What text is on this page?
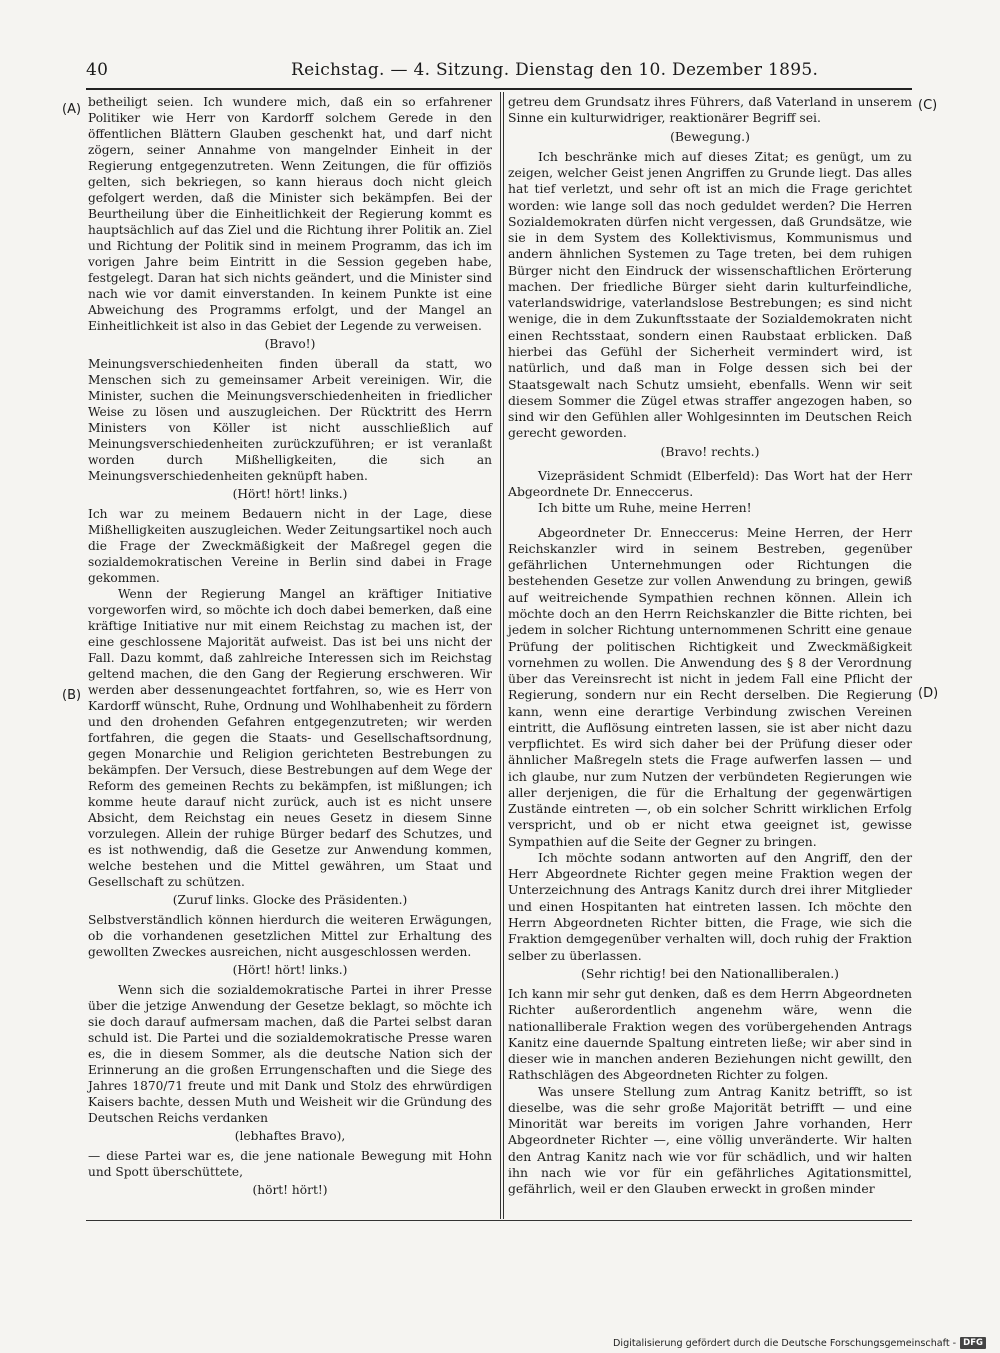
40	Reichstag. — 4. Sitzung. Dienstag den 10. Dezember 1895.
(A)
(B)
(C)
(D)

betheiligt seien. Ich wundere mich, daß ein so erfahrener Politiker wie Herr von Kardorff solchem Gerede in den öffentlichen Blättern Glauben geschenkt hat, und darf nicht zögern, seiner Annahme von mangelnder Einheit in der Regierung entgegenzutreten. Wenn Zeitungen, die für offiziös gelten, sich bekriegen, so kann hieraus doch nicht gleich gefolgert werden, daß die Minister sich bekämpfen. Bei der Beurtheilung über die Einheitlichkeit der Regierung kommt es hauptsächlich auf das Ziel und die Richtung ihrer Politik an. Ziel und Richtung der Politik sind in meinem Programm, das ich im vorigen Jahre beim Eintritt in die Session gegeben habe, festgelegt. Daran hat sich nichts geändert, und die Minister sind nach wie vor damit einverstanden. In keinem Punkte ist eine Abweichung des Programms erfolgt, und der Mangel an Einheitlichkeit ist also in das Gebiet der Legende zu verweisen.

(Bravo!)

Meinungsverschiedenheiten finden überall da statt, wo Menschen sich zu gemeinsamer Arbeit vereinigen. Wir, die Minister, suchen die Meinungsverschiedenheiten in friedlicher Weise zu lösen und auszugleichen. Der Rücktritt des Herrn Ministers von Köller ist nicht ausschließlich auf Meinungsverschiedenheiten zurückzuführen; er ist veranlaßt worden durch Mißhelligkeiten, die sich an Meinungsverschiedenheiten geknüpft haben.

(Hört! hört! links.)

Ich war zu meinem Bedauern nicht in der Lage, diese Mißhelligkeiten auszugleichen. Weder Zeitungsartikel noch auch die Frage der Zweckmäßigkeit der Maßregel gegen die sozialdemokratischen Vereine in Berlin sind dabei in Frage gekommen.

Wenn der Regierung Mangel an kräftiger Initiative vorgeworfen wird, so möchte ich doch dabei bemerken, daß eine kräftige Initiative nur mit einem Reichstag zu machen ist, der eine geschlossene Majorität aufweist. Das ist bei uns nicht der Fall. Dazu kommt, daß zahlreiche Interessen sich im Reichstag geltend machen, die den Gang der Regierung erschweren. Wir werden aber dessenungeachtet fortfahren, so, wie es Herr von Kardorff wünscht, Ruhe, Ordnung und Wohlhabenheit zu fördern und den drohenden Gefahren entgegenzutreten; wir werden fortfahren, die gegen die Staats- und Gesellschaftsordnung, gegen Monarchie und Religion gerichteten Bestrebungen zu bekämpfen. Der Versuch, diese Bestrebungen auf dem Wege der Reform des gemeinen Rechts zu bekämpfen, ist mißlungen; ich komme heute darauf nicht zurück, auch ist es nicht unsere Absicht, dem Reichstag ein neues Gesetz in diesem Sinne vorzulegen. Allein der ruhige Bürger bedarf des Schutzes, und es ist nothwendig, daß die Gesetze zur Anwendung kommen, welche bestehen und die Mittel gewähren, um Staat und Gesellschaft zu schützen.

(Zuruf links. Glocke des Präsidenten.)

Selbstverständlich können hierdurch die weiteren Erwägungen, ob die vorhandenen gesetzlichen Mittel zur Erhaltung des gewollten Zweckes ausreichen, nicht ausgeschlossen werden.

(Hört! hört! links.)

Wenn sich die sozialdemokratische Partei in ihrer Presse über die jetzige Anwendung der Gesetze beklagt, so möchte ich sie doch darauf aufmersam machen, daß die Partei selbst daran schuld ist. Die Partei und die sozialdemokratische Presse waren es, die in diesem Sommer, als die deutsche Nation sich der Erinnerung an die großen Errungenschaften und die Siege des Jahres 1870/71 freute und mit Dank und Stolz des ehrwürdigen Kaisers bachte, dessen Muth und Weisheit wir die Gründung des Deutschen Reichs verdanken

(lebhaftes Bravo),

— diese Partei war es, die jene nationale Bewegung mit Hohn und Spott überschüttete,

(hört! hört!)

getreu dem Grundsatz ihres Führers, daß Vaterland in unserem Sinne ein kulturwidriger, reaktionärer Begriff sei.

(Bewegung.)

Ich beschränke mich auf dieses Zitat; es genügt, um zu zeigen, welcher Geist jenen Angriffen zu Grunde liegt. Das alles hat tief verletzt, und sehr oft ist an mich die Frage gerichtet worden: wie lange soll das noch geduldet werden? Die Herren Sozialdemokraten dürfen nicht vergessen, daß Grundsätze, wie sie in dem System des Kollektivismus, Kommunismus und andern ähnlichen Systemen zu Tage treten, bei dem ruhigen Bürger nicht den Eindruck der wissenschaftlichen Erörterung machen. Der friedliche Bürger sieht darin kulturfeindliche, vaterlandswidrige, vaterlandslose Bestrebungen; es sind nicht wenige, die in dem Zukunftsstaate der Sozialdemokraten nicht einen Rechtsstaat, sondern einen Raubstaat erblicken. Daß hierbei das Gefühl der Sicherheit vermindert wird, ist natürlich, und daß man in Folge dessen sich bei der Staatsgewalt nach Schutz umsieht, ebenfalls. Wenn wir seit diesem Sommer die Zügel etwas straffer angezogen haben, so sind wir den Gefühlen aller Wohlgesinnten im Deutschen Reich gerecht geworden.

(Bravo! rechts.)

Vizepräsident Schmidt (Elberfeld): Das Wort hat der Herr Abgeordnete Dr. Enneccerus.

Ich bitte um Ruhe, meine Herren!

Abgeordneter Dr. Enneccerus: Meine Herren, der Herr Reichskanzler wird in seinem Bestreben, gegenüber gefährlichen Unternehmungen oder Richtungen die bestehenden Gesetze zur vollen Anwendung zu bringen, gewiß auf weitreichende Sympathien rechnen können. Allein ich möchte doch an den Herrn Reichskanzler die Bitte richten, bei jedem in solcher Richtung unternommenen Schritt eine genaue Prüfung der politischen Richtigkeit und Zweckmäßigkeit vornehmen zu wollen. Die Anwendung des § 8 der Verordnung über das Vereinsrecht ist nicht in jedem Fall eine Pflicht der Regierung, sondern nur ein Recht derselben. Die Regierung kann, wenn eine derartige Verbindung zwischen Vereinen eintritt, die Auflösung eintreten lassen, sie ist aber nicht dazu verpflichtet. Es wird sich daher bei der Prüfung dieser oder ähnlicher Maßregeln stets die Frage aufwerfen lassen — und ich glaube, nur zum Nutzen der verbündeten Regierungen wie aller derjenigen, die für die Erhaltung der gegenwärtigen Zustände eintreten —, ob ein solcher Schritt wirklichen Erfolg verspricht, und ob er nicht etwa geeignet ist, gewisse Sympathien auf die Seite der Gegner zu bringen.

Ich möchte sodann antworten auf den Angriff, den der Herr Abgeordnete Richter gegen meine Fraktion wegen der Unterzeichnung des Antrags Kanitz durch drei ihrer Mitglieder und einen Hospitanten hat eintreten lassen. Ich möchte den Herrn Abgeordneten Richter bitten, die Frage, wie sich die Fraktion demgegenüber verhalten will, doch ruhig der Fraktion selber zu überlassen.

(Sehr richtig! bei den Nationalliberalen.)

Ich kann mir sehr gut denken, daß es dem Herrn Abgeordneten Richter außerordentlich angenehm wäre, wenn die nationalliberale Fraktion wegen des vorübergehenden Antrags Kanitz eine dauernde Spaltung eintreten ließe; wir aber sind in dieser wie in manchen anderen Beziehungen nicht gewillt, den Rathschlägen des Abgeordneten Richter zu folgen.

Was unsere Stellung zum Antrag Kanitz betrifft, so ist dieselbe, was die sehr große Majorität betrifft — und eine Minorität war bereits im vorigen Jahre vorhanden, Herr Abgeordneter Richter —, eine völlig unveränderte. Wir halten den Antrag Kanitz nach wie vor für schädlich, und wir halten ihn nach wie vor für ein gefährliches Agitationsmittel, gefährlich, weil er den Glauben erweckt in großen minder

Digitalisierung gefördert durch die Deutsche Forschungsgemeinschaft - DFG
